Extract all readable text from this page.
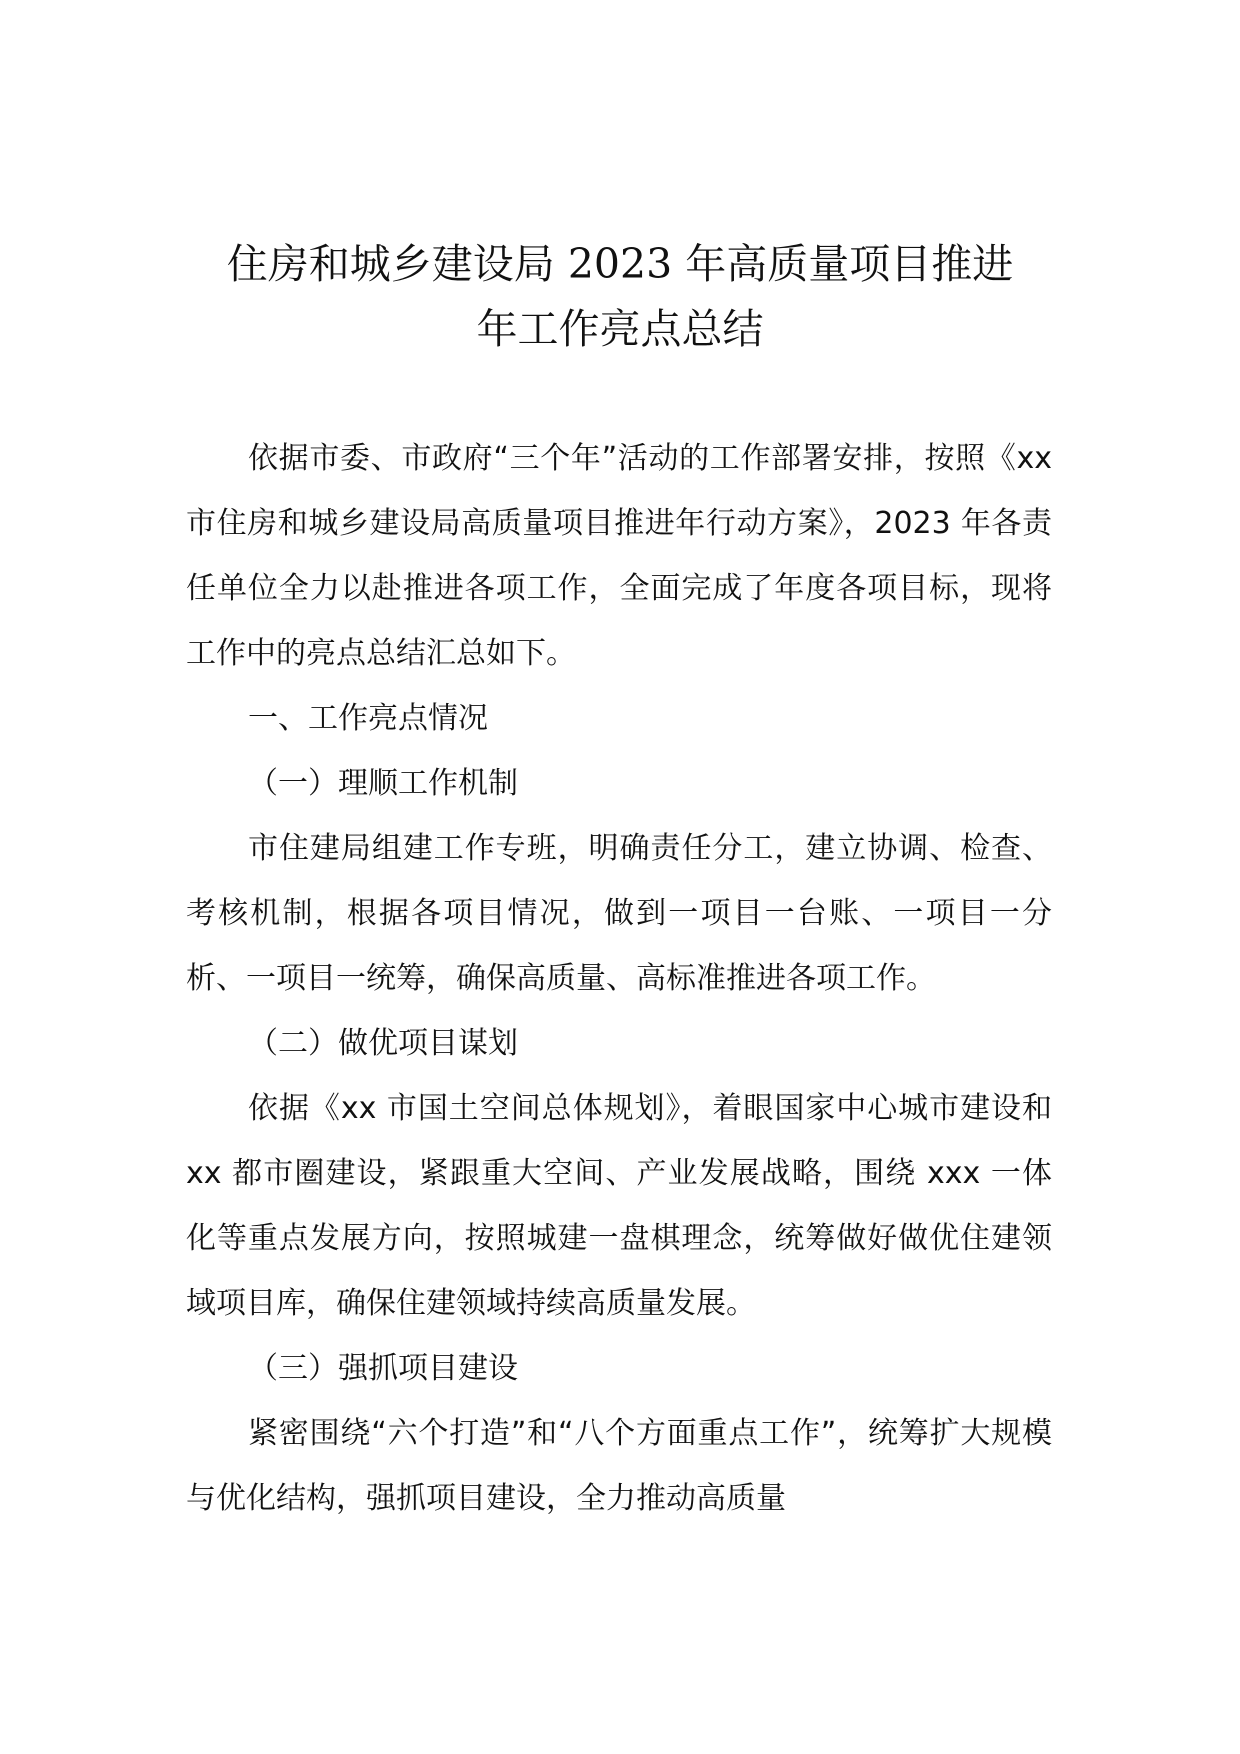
住房和城乡建设局 2023 年高质量项目推进
年工作亮点总结

依据市委、市政府“三个年”活动的工作部署安排，按照《xx 市住房和城乡建设局高质量项目推进年行动方案》，2023 年各责任单位全力以赴推进各项工作，全面完成了年度各项目标，现将工作中的亮点总结汇总如下。

一、工作亮点情况

（一）理顺工作机制

市住建局组建工作专班，明确责任分工，建立协调、检查、考核机制，根据各项目情况，做到一项目一台账、一项目一分析、一项目一统筹，确保高质量、高标准推进各项工作。

（二）做优项目谋划

依据《xx 市国土空间总体规划》，着眼国家中心城市建设和 xx 都市圈建设，紧跟重大空间、产业发展战略，围绕 xxx 一体化等重点发展方向，按照城建一盘棋理念，统筹做好做优住建领域项目库，确保住建领域持续高质量发展。

（三）强抓项目建设

紧密围绕“六个打造”和“八个方面重点工作”，统筹扩大规模与优化结构，强抓项目建设，全力推动高质量
